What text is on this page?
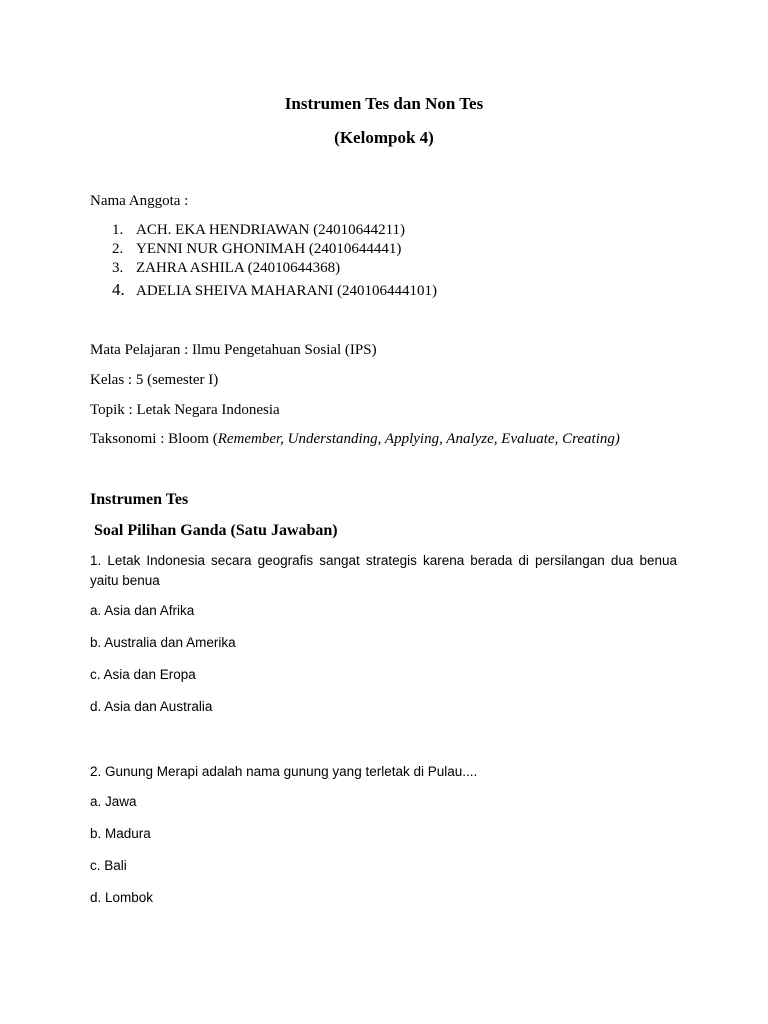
Instrumen Tes dan Non Tes
(Kelompok 4)
Nama Anggota :
1. ACH. EKA HENDRIAWAN (24010644211)
2. YENNI NUR GHONIMAH (24010644441)
3. ZAHRA ASHILA (24010644368)
4. ADELIA SHEIVA MAHARANI (240106444101)
Mata Pelajaran : Ilmu Pengetahuan Sosial (IPS)
Kelas : 5 (semester I)
Topik : Letak Negara Indonesia
Taksonomi : Bloom (Remember, Understanding, Applying, Analyze, Evaluate, Creating)
Instrumen Tes
Soal Pilihan Ganda (Satu Jawaban)
1. Letak Indonesia secara geografis sangat strategis karena berada di persilangan dua benua yaitu benua
a. Asia dan Afrika
b. Australia dan Amerika
c. Asia dan Eropa
d. Asia dan Australia
2. Gunung Merapi adalah nama gunung yang terletak di Pulau....
a. Jawa
b. Madura
c. Bali
d. Lombok
